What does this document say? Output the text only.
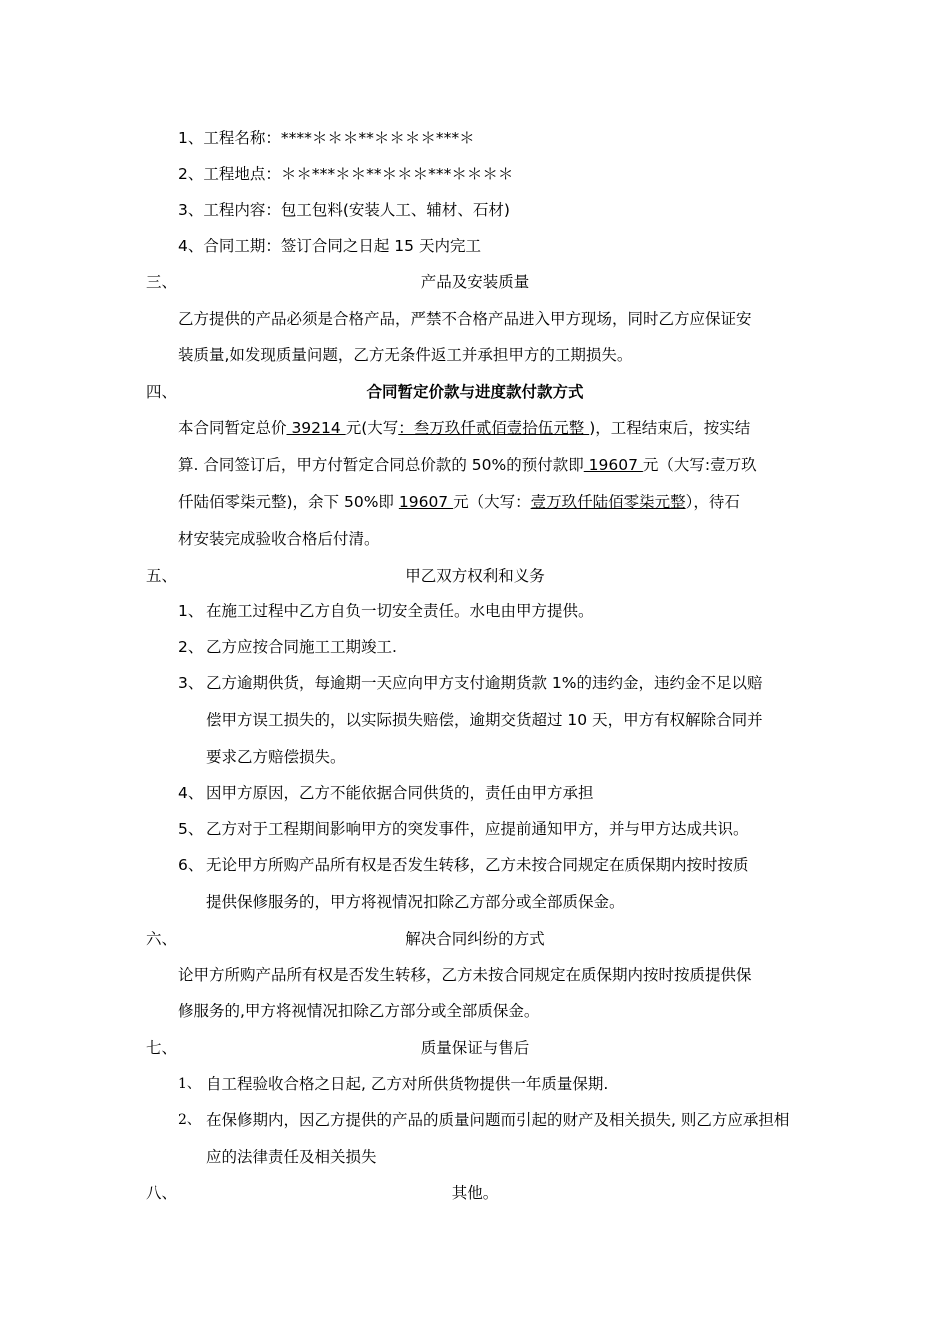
1、工程名称：****＊＊＊**＊＊＊＊***＊
2、工程地点：＊＊***＊＊**＊＊＊***＊＊＊＊
3、工程内容：包工包料(安装人工、辅材、石材)
4、合同工期：签订合同之日起 15 天内完工
三、	产品及安装质量
乙方提供的产品必须是合格产品，严禁不合格产品进入甲方现场，同时乙方应保证安
装质量,如发现质量问题，乙方无条件返工并承担甲方的工期损失。
四、	合同暂定价款与进度款付款方式
本合同暂定总价 39214 元(大写：叁万玖仟贰佰壹拾伍元整 )，工程结束后，按实结
算. 合同签订后，甲方付暂定合同总价款的 50%的预付款即 19607 元（大写:壹万玖
仟陆佰零柒元整)，余下 50%即 19607 元（大写：壹万玖仟陆佰零柒元整），待石
材安装完成验收合格后付清。
五、	甲乙双方权利和义务
1、 在施工过程中乙方自负一切安全责任。水电由甲方提供。
2、 乙方应按合同施工工期竣工.
3、 乙方逾期供货，每逾期一天应向甲方支付逾期货款 1%的违约金，违约金不足以赔
偿甲方误工损失的，以实际损失赔偿，逾期交货超过 10 天，甲方有权解除合同并
要求乙方赔偿损失。
4、 因甲方原因，乙方不能依据合同供货的，责任由甲方承担
5、 乙方对于工程期间影响甲方的突发事件，应提前通知甲方，并与甲方达成共识。
6、 无论甲方所购产品所有权是否发生转移，乙方未按合同规定在质保期内按时按质
提供保修服务的，甲方将视情况扣除乙方部分或全部质保金。
六、	解决合同纠纷的方式
论甲方所购产品所有权是否发生转移，乙方未按合同规定在质保期内按时按质提供保
修服务的,甲方将视情况扣除乙方部分或全部质保金。
七、	质量保证与售后
1、 自工程验收合格之日起, 乙方对所供货物提供一年质量保期.
2、 在保修期内，因乙方提供的产品的质量问题而引起的财产及相关损失, 则乙方应承担相
应的法律责任及相关损失
八、	其他。
